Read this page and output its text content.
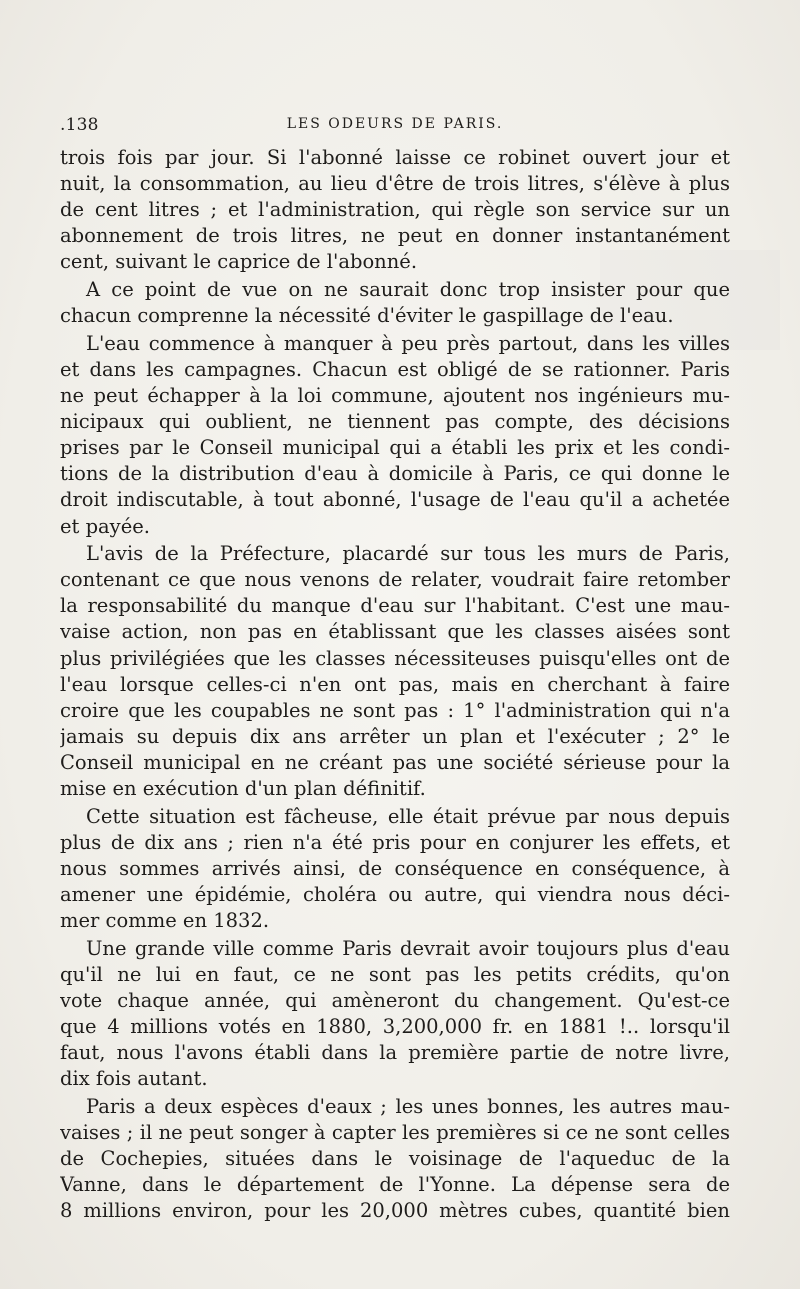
.138	LES ODEURS DE PARIS.
trois fois par jour. Si l'abonné laisse ce robinet ouvert jour et
nuit, la consommation, au lieu d'être de trois litres, s'élève à plus
de cent litres ; et l'administration, qui règle son service sur un
abonnement de trois litres, ne peut en donner instantanément
cent, suivant le caprice de l'abonné.
A ce point de vue on ne saurait donc trop insister pour que
chacun comprenne la nécessité d'éviter le gaspillage de l'eau.
L'eau commence à manquer à peu près partout, dans les villes
et dans les campagnes. Chacun est obligé de se rationner. Paris
ne peut échapper à la loi commune, ajoutent nos ingénieurs mu-
nicipaux qui oublient, ne tiennent pas compte, des décisions
prises par le Conseil municipal qui a établi les prix et les condi-
tions de la distribution d'eau à domicile à Paris, ce qui donne le
droit indiscutable, à tout abonné, l'usage de l'eau qu'il a achetée
et payée.
L'avis de la Préfecture, placardé sur tous les murs de Paris,
contenant ce que nous venons de relater, voudrait faire retomber
la responsabilité du manque d'eau sur l'habitant. C'est une mau-
vaise action, non pas en établissant que les classes aisées sont
plus privilégiées que les classes nécessiteuses puisqu'elles ont de
l'eau lorsque celles-ci n'en ont pas, mais en cherchant à faire
croire que les coupables ne sont pas : 1° l'administration qui n'a
jamais su depuis dix ans arrêter un plan et l'exécuter ; 2° le
Conseil municipal en ne créant pas une société sérieuse pour la
mise en exécution d'un plan définitif.
Cette situation est fâcheuse, elle était prévue par nous depuis
plus de dix ans ; rien n'a été pris pour en conjurer les effets, et
nous sommes arrivés ainsi, de conséquence en conséquence, à
amener une épidémie, choléra ou autre, qui viendra nous déci-
mer comme en 1832.
Une grande ville comme Paris devrait avoir toujours plus d'eau
qu'il ne lui en faut, ce ne sont pas les petits crédits, qu'on
vote chaque année, qui amèneront du changement. Qu'est-ce
que 4 millions votés en 1880, 3,200,000 fr. en 1881 !.. lorsqu'il
faut, nous l'avons établi dans la première partie de notre livre,
dix fois autant.
Paris a deux espèces d'eaux ; les unes bonnes, les autres mau-
vaises ; il ne peut songer à capter les premières si ce ne sont celles
de Cochepies, situées dans le voisinage de l'aqueduc de la
Vanne, dans le département de l'Yonne. La dépense sera de
8 millions environ, pour les 20,000 mètres cubes, quantité bien
